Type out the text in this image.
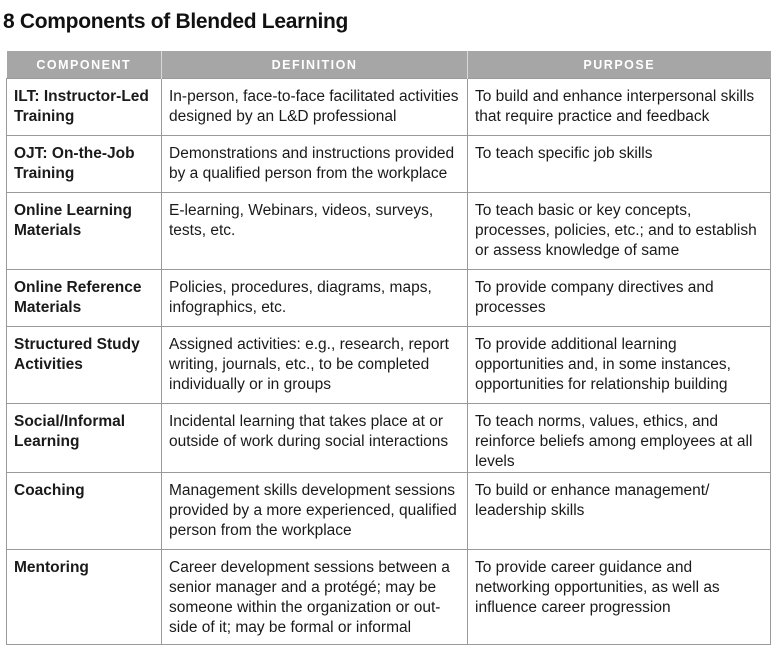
8 Components of Blended Learning
COMPONENT	DEFINITION	PURPOSE
ILT: Instructor-Led Training	In-person, face-to-face facilitated activities designed by an L&D professional	To build and enhance interpersonal skills that require practice and feedback
OJT: On-the-Job Training	Demonstrations and instructions provided by a qualified person from the workplace	To teach specific job skills
Online Learning Materials	E-learning, Webinars, videos, surveys, tests, etc.	To teach basic or key concepts, processes, policies, etc.; and to establish or assess knowledge of same
Online Reference Materials	Policies, procedures, diagrams, maps, infographics, etc.	To provide company directives and processes
Structured Study Activities	Assigned activities: e.g., research, report writing, journals, etc., to be completed individually or in groups	To provide additional learning opportunities and, in some instances, opportunities for relationship building
Social/Informal Learning	Incidental learning that takes place at or outside of work during social interactions	To teach norms, values, ethics, and reinforce beliefs among employees at all levels
Coaching	Management skills development sessions provided by a more experienced, qualified person from the workplace	To build or enhance management/ leadership skills
Mentoring	Career development sessions between a senior manager and a protégé; may be someone within the organization or out-side of it; may be formal or informal	To provide career guidance and networking opportunities, as well as influence career progression
